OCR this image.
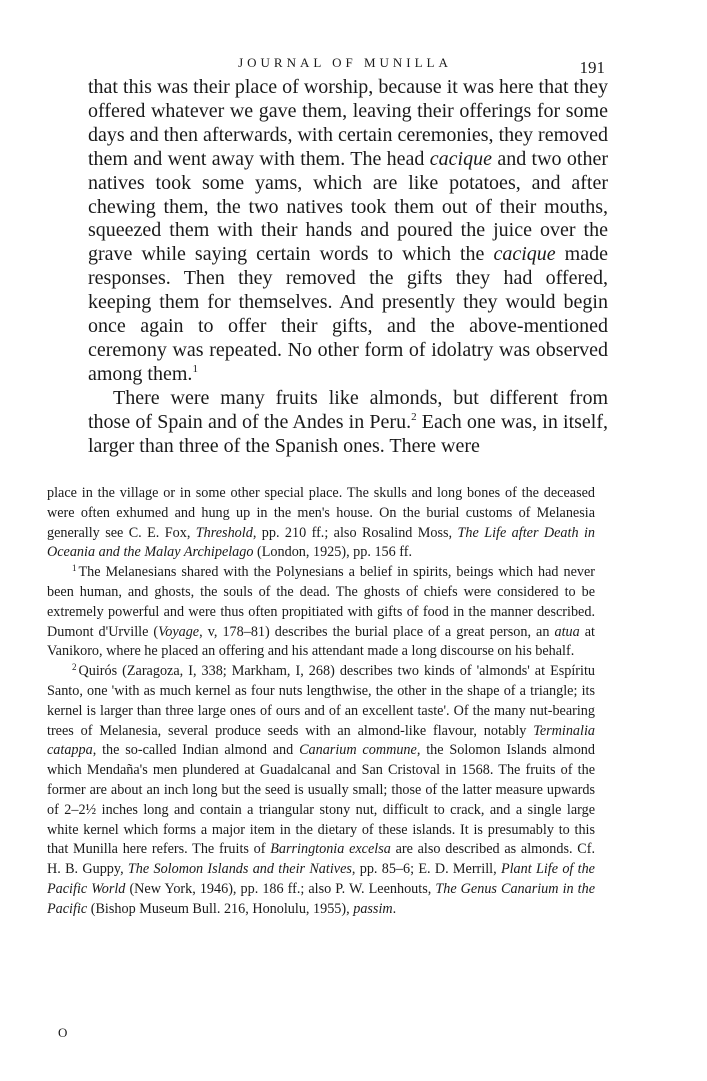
JOURNAL OF MUNILLA	191

that this was their place of worship, because it was here that they offered whatever we gave them, leaving their offerings for some days and then afterwards, with certain ceremonies, they removed them and went away with them. The head cacique and two other natives took some yams, which are like potatoes, and after chewing them, the two natives took them out of their mouths, squeezed them with their hands and poured the juice over the grave while saying certain words to which the cacique made responses. Then they removed the gifts they had offered, keeping them for themselves. And presently they would begin once again to offer their gifts, and the above-mentioned ceremony was repeated. No other form of idolatry was observed among them.$^1$

There were many fruits like almonds, but different from those of Spain and of the Andes in Peru.$^2$ Each one was, in itself, larger than three of the Spanish ones. There were

place in the village or in some other special place. The skulls and long bones of the deceased were often exhumed and hung up in the men's house. On the burial customs of Melanesia generally see C. E. Fox, Threshold, pp. 210 ff.; also Rosalind Moss, The Life after Death in Oceania and the Malay Archipelago (London, 1925), pp. 156 ff.

$^1$ The Melanesians shared with the Polynesians a belief in spirits, beings which had never been human, and ghosts, the souls of the dead. The ghosts of chiefs were considered to be extremely powerful and were thus often propitiated with gifts of food in the manner described. Dumont d'Urville (Voyage, v, 178–81) describes the burial place of a great person, an atua at Vanikoro, where he placed an offering and his attendant made a long discourse on his behalf.

$^2$ Quirós (Zaragoza, I, 338; Markham, I, 268) describes two kinds of 'almonds' at Espíritu Santo, one 'with as much kernel as four nuts lengthwise, the other in the shape of a triangle; its kernel is larger than three large ones of ours and of an excellent taste'. Of the many nut-bearing trees of Melanesia, several produce seeds with an almond-like flavour, notably Terminalia catappa, the so-called Indian almond and Canarium commune, the Solomon Islands almond which Mendaña's men plundered at Guadalcanal and San Cristoval in 1568. The fruits of the former are about an inch long but the seed is usually small; those of the latter measure upwards of 2–2½ inches long and contain a triangular stony nut, difficult to crack, and a single large white kernel which forms a major item in the dietary of these islands. It is presumably to this that Munilla here refers. The fruits of Barringtonia excelsa are also described as almonds. Cf. H. B. Guppy, The Solomon Islands and their Natives, pp. 85–6; E. D. Merrill, Plant Life of the Pacific World (New York, 1946), pp. 186 ff.; also P. W. Leenhouts, The Genus Canarium in the Pacific (Bishop Museum Bull. 216, Honolulu, 1955), passim.

O
